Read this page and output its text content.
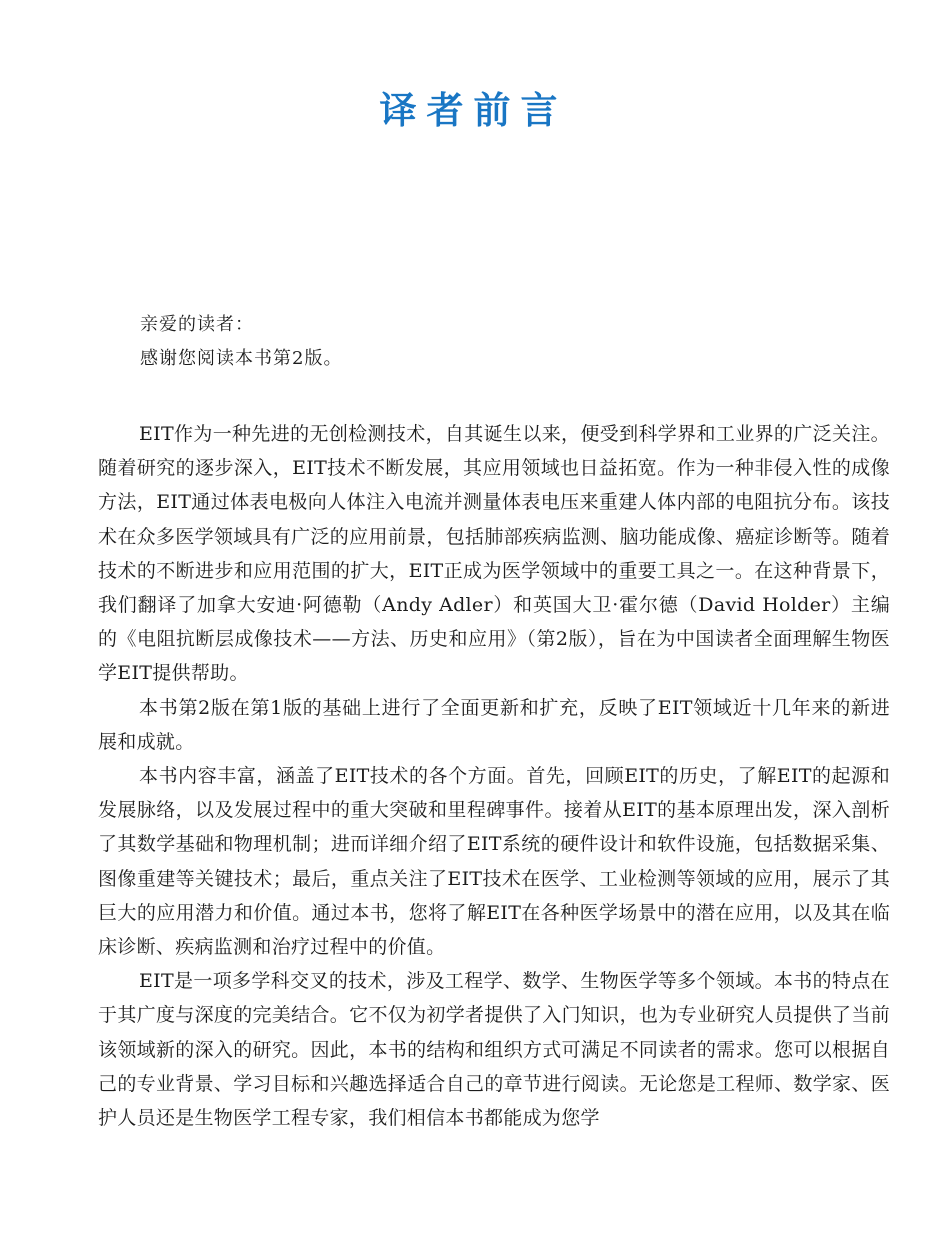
译者前言

亲爱的读者：

感谢您阅读本书第2版。

EIT作为一种先进的无创检测技术，自其诞生以来，便受到科学界和工业界的广泛关注。随着研究的逐步深入，EIT技术不断发展，其应用领域也日益拓宽。作为一种非侵入性的成像方法，EIT通过体表电极向人体注入电流并测量体表电压来重建人体内部的电阻抗分布。该技术在众多医学领域具有广泛的应用前景，包括肺部疾病监测、脑功能成像、癌症诊断等。随着技术的不断进步和应用范围的扩大，EIT正成为医学领域中的重要工具之一。在这种背景下，我们翻译了加拿大安迪·阿德勒（Andy Adler）和英国大卫·霍尔德（David Holder）主编的《电阻抗断层成像技术——方法、历史和应用》（第2版），旨在为中国读者全面理解生物医学EIT提供帮助。

本书第2版在第1版的基础上进行了全面更新和扩充，反映了EIT领域近十几年来的新进展和成就。

本书内容丰富，涵盖了EIT技术的各个方面。首先，回顾EIT的历史，了解EIT的起源和发展脉络，以及发展过程中的重大突破和里程碑事件。接着从EIT的基本原理出发，深入剖析了其数学基础和物理机制；进而详细介绍了EIT系统的硬件设计和软件设施，包括数据采集、图像重建等关键技术；最后，重点关注了EIT技术在医学、工业检测等领域的应用，展示了其巨大的应用潜力和价值。通过本书，您将了解EIT在各种医学场景中的潜在应用，以及其在临床诊断、疾病监测和治疗过程中的价值。

EIT是一项多学科交叉的技术，涉及工程学、数学、生物医学等多个领域。本书的特点在于其广度与深度的完美结合。它不仅为初学者提供了入门知识，也为专业研究人员提供了当前该领域新的深入的研究。因此，本书的结构和组织方式可满足不同读者的需求。您可以根据自己的专业背景、学习目标和兴趣选择适合自己的章节进行阅读。无论您是工程师、数学家、医护人员还是生物医学工程专家，我们相信本书都能成为您学
